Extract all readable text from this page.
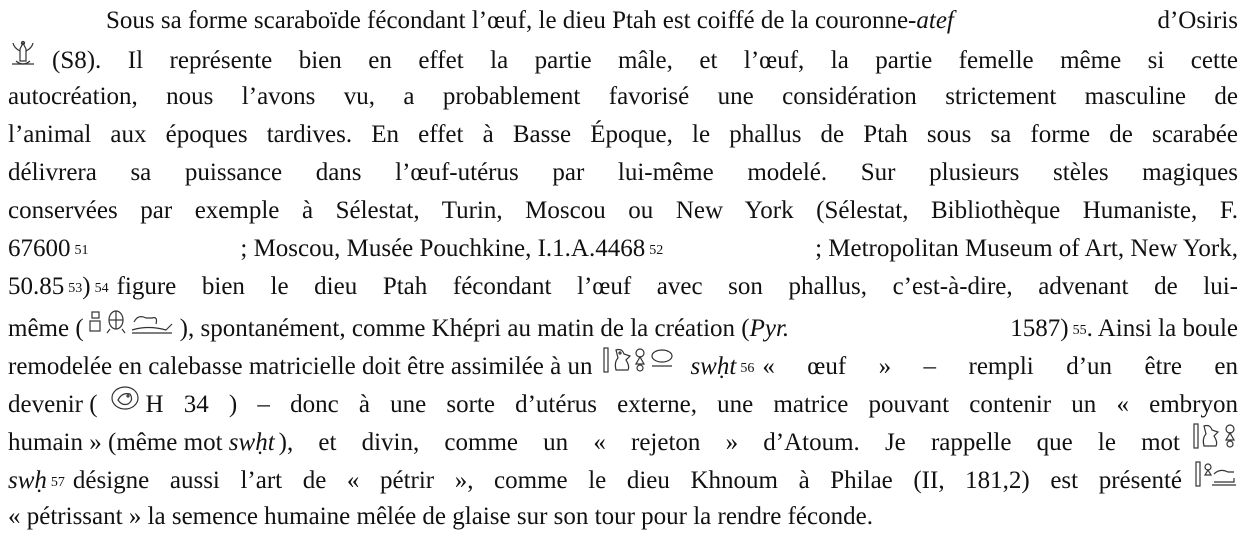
Sous sa forme scaraboïde fécondant l’œuf, le dieu Ptah est coiffé de la couronne- atef	d’Osiris
(S8). Il représente bien en effet la partie mâle, et l’œuf, la partie femelle même si cette
autocréation, nous l’avons vu, a probablement favorisé une considération strictement masculine de
l’animal aux époques tardives. En effet à Basse Époque, le phallus de Ptah sous sa forme de scarabée
délivrera sa puissance dans l’œuf-utérus par lui-même modelé. Sur plusieurs stèles magiques
conservées par exemple à Sélestat, Turin, Moscou ou New York (Sélestat, Bibliothèque Humaniste, F.
67600 $^{51}$	; Moscou, Musée Pouchkine, I.1.A.4468 $^{52}$	; Metropolitan Museum of Art, New York,
50.85 $^{53}$ ) $^{54}$ figure bien le dieu Ptah fécondant l’œuf avec son phallus, c’est-à-dire, advenant de lui-
même (	), spontanément, comme Khépri au matin de la création ( Pyr.	1587) $^{55}$ . Ainsi la boule
remodelée en calebasse matricielle doit être assimilée à un	swḥt $^{56}$ « œuf » – rempli d’un être en
devenir ( H 34 ) – donc à une sorte d’utérus externe, une matrice pouvant contenir un « embryon
humain » (même mot
swḥt ), et divin, comme un « rejeton » d’Atoum. Je rappelle que le mot
swḥ $^{57}$ désigne aussi l’art de « pétrir », comme le dieu Khnoum à Philae (II, 181,2) est présenté
« pétrissant » la semence humaine mêlée de glaise sur son tour pour la rendre féconde.
